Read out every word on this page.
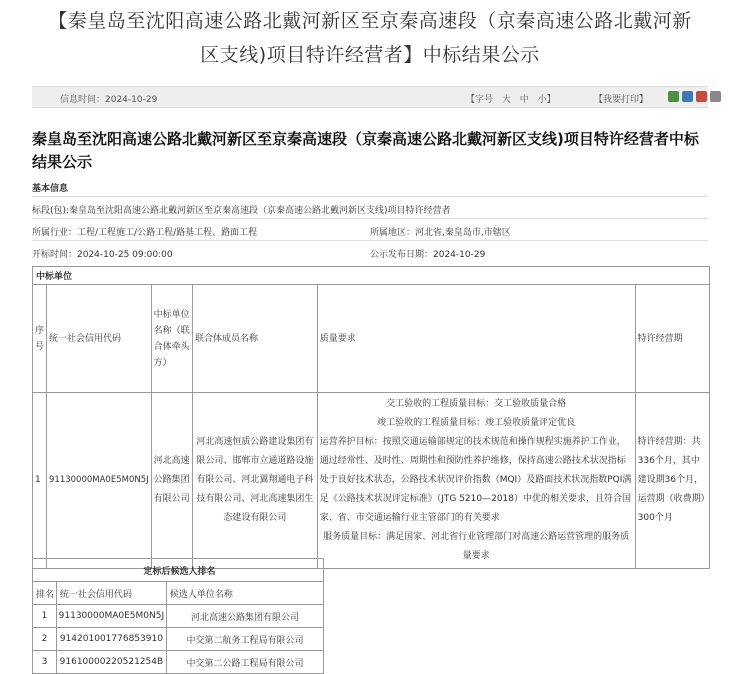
【秦皇岛至沈阳高速公路北戴河新区至京秦高速段（京秦高速公路北戴河新区支线)项目特许经营者】中标结果公示
信息时间：2024-10-29	【字号 大 中 小】	【我要打印】
秦皇岛至沈阳高速公路北戴河新区至京秦高速段（京秦高速公路北戴河新区支线)项目特许经营者中标结果公示
基本信息
标段(包):秦皇岛至沈阳高速公路北戴河新区至京秦高速段（京秦高速公路北戴河新区支线)项目特许经营者
所属行业：工程/工程施工/公路工程/路基工程、路面工程	所属地区：河北省,秦皇岛市,市辖区
开标时间：2024-10-25 09:00:00	公示发布日期：2024-10-29
中标单位					
序号	统一社会信用代码	中标单位名称（联合体牵头方）	联合体成员名称	质量要求	特许经营期
1	91130000MA0E5M0N5J	河北高速公路集团有限公司	河北高速恒质公路建设集团有限公司、邯郸市立通道路设施有限公司、河北翼翔通电子科技有限公司、河北高速集团生态建设有限公司	交工验收的工程质量目标：交工验收质量合格

竣工验收的工程质量目标：竣工验收质量评定优良

运营养护目标：按照交通运输部规定的技术规范和操作规程实施养护工作业，通过经常性、及时性、周期性和预防性养护维修，保持高速公路技术状况指标处于良好技术状态，公路技术状况评价指数（MQI）及路面技术状况指数PQI满足《公路技术状况评定标准》（JTG 5210—2018）中优的相关要求，且符合国家、省、市交通运输行业主管部门的有关要求

服务质量目标：满足国家、河北省行业管理部门对高速公路运营管理的服务质量要求	特许经营期：共336个月，其中建设期36个月，运营期（收费期）300个月
定标后候选人排名		
排名	统一社会信用代码	候选人单位名称
1	91130000MA0E5M0N5J	河北高速公路集团有限公司
2	914201001776853910	中交第二航务工程局有限公司
3	91610000220521254B	中交第二公路工程局有限公司
